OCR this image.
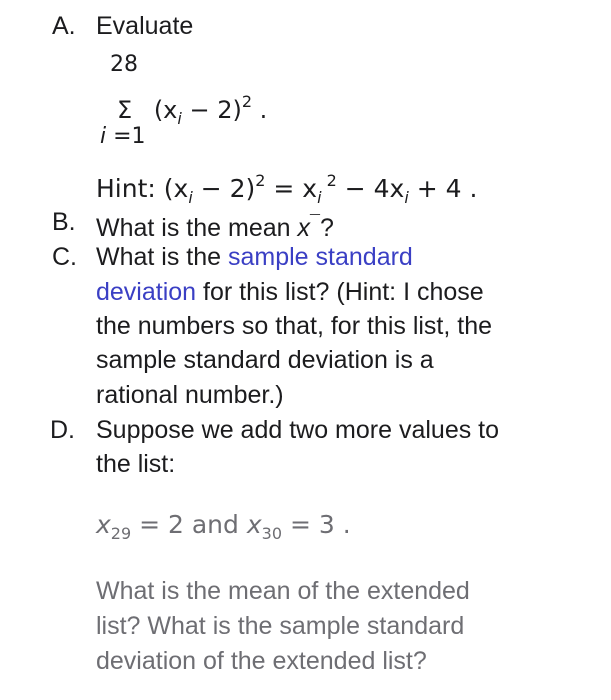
A. Evaluate
28
Σ $(x_i - 2)^2$ .
i =1
Hint: $(x_i - 2)^2 = x_i$ $^2 - 4x_i + 4$ .
B. What is the mean x¯?
C. What is the sample standard
deviation for this list? (Hint: I chose
the numbers so that, for this list, the
sample standard deviation is a
rational number.)
D. Suppose we add two more values to
the list:
$x_{29} = 2$ and $x_{30} = 3$ .
What is the mean of the extended
list? What is the sample standard
deviation of the extended list?
